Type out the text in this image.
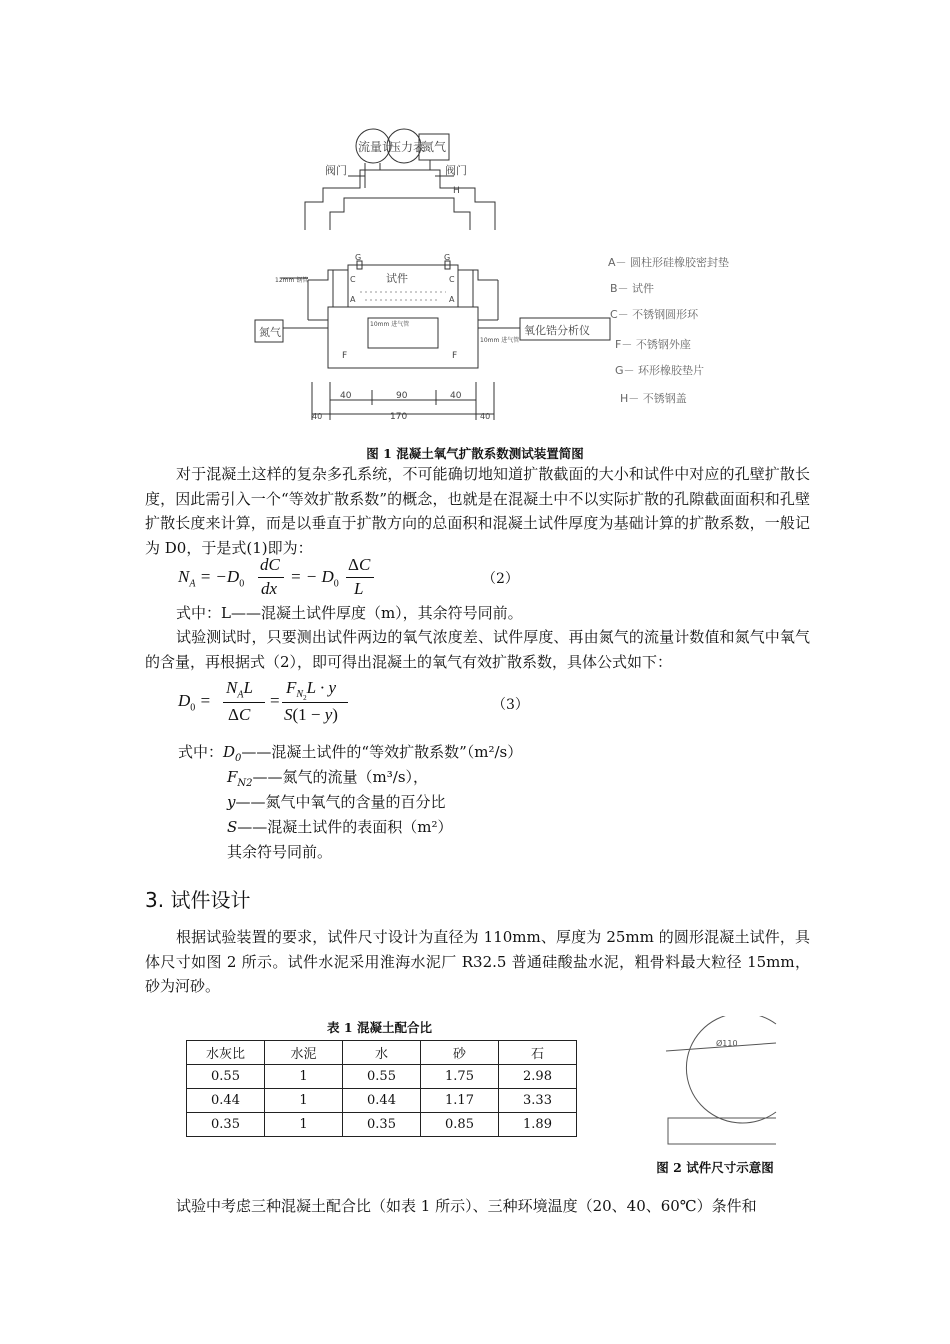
流量计
压力表
氮气
阀门	阀门
H
试件
G	G
C	C
A	A
F	F
氮气	氧化锆分析仪
12mm 钢管
10mm 进气管
10mm 进气管
40	90	40
40	170	40
A－ 圆柱形硅橡胶密封垫
B－ 试件
C－ 不锈钢圆形环
F－ 不锈钢外座
G－ 环形橡胶垫片
H－ 不锈钢盖
图 1 混凝土氧气扩散系数测试装置简图
对于混凝土这样的复杂多孔系统，不可能确切地知道扩散截面的大小和试件中对应的孔壁扩散长度，因此需引入一个“等效扩散系数”的概念，也就是在混凝土中不以实际扩散的孔隙截面面积和孔壁扩散长度来计算，而是以垂直于扩散方向的总面积和混凝土试件厚度为基础计算的扩散系数，一般记为 D0，于是式(1)即为：
$N_A = -D_0$
dC
dx
= − $D_0$
ΔC
L	（2）
式中：L——混凝土试件厚度（m），其余符号同前。
试验测试时，只要测出试件两边的氧气浓度差、试件厚度、再由氮气的流量计数值和氮气中氧气的含量，再根据式（2），即可得出混凝土的氧气有效扩散系数，具体公式如下：
$D_0$ =
$N_AL$
ΔC
=
$F_{N_2}L \cdot y$
S(1 − y)	（3）
式中：$D_0——$混凝土试件的“等效扩散系数”（m²/s）
$F_{N2}——$氮气的流量（m³/s），
y——氮气中氧气的含量的百分比
S——混凝土试件的表面积（m²）
其余符号同前。
3. 试件设计
根据试验装置的要求，试件尺寸设计为直径为 110mm、厚度为 25mm 的圆形混凝土试件，具体尺寸如图 2 所示。试件水泥采用淮海水泥厂 R32.5 普通硅酸盐水泥，粗骨料最大粒径 15mm，砂为河砂。
表 1 混凝土配合比
水灰比	水泥	水	砂	石
0.55	1	0.55	1.75	2.98
0.44	1	0.44	1.17	3.33
0.35	1	0.35	0.85	1.89
Ø110
图 2 试件尺寸示意图
试验中考虑三种混凝土配合比（如表 1 所示）、三种环境温度（20、40、60℃）条件和
